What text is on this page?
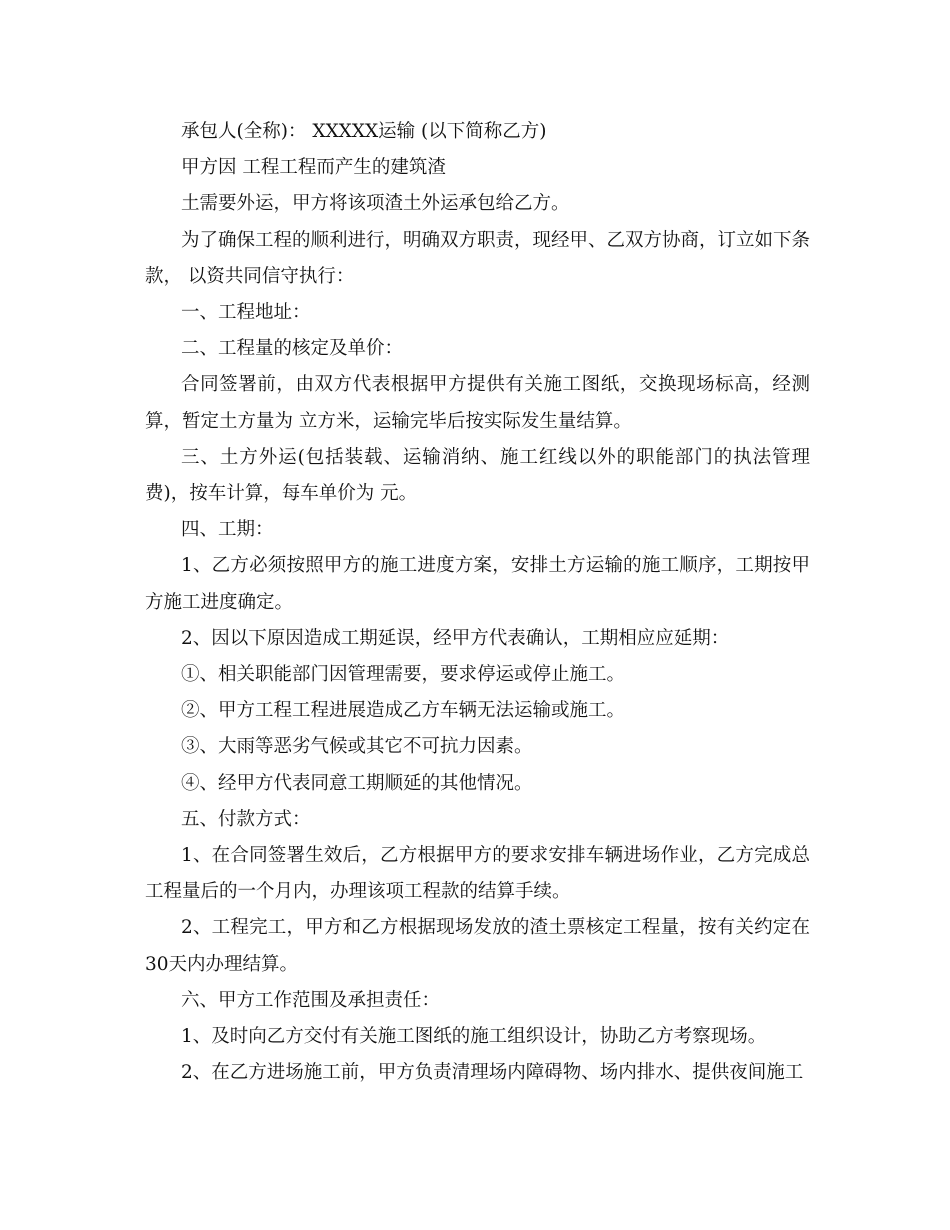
承包人(全称)： XXXXX运输 (以下简称乙方)

甲方因 工程工程而产生的建筑渣

土需要外运，甲方将该项渣土外运承包给乙方。

为了确保工程的顺利进行，明确双方职责，现经甲、乙双方协商，订立如下条款， 以资共同信守执行：

一、工程地址：

二、工程量的核定及单价：

合同签署前，由双方代表根据甲方提供有关施工图纸，交换现场标高，经测算，暂定土方量为 立方米，运输完毕后按实际发生量结算。

三、土方外运(包括装载、运输消纳、施工红线以外的职能部门的执法管理费)，按车计算，每车单价为 元。

四、工期：

1、乙方必须按照甲方的施工进度方案，安排土方运输的施工顺序，工期按甲方施工进度确定。

2、因以下原因造成工期延误，经甲方代表确认，工期相应应延期：

①、相关职能部门因管理需要，要求停运或停止施工。

②、甲方工程工程进展造成乙方车辆无法运输或施工。

③、大雨等恶劣气候或其它不可抗力因素。

④、经甲方代表同意工期顺延的其他情况。

五、付款方式：

1、在合同签署生效后，乙方根据甲方的要求安排车辆进场作业，乙方完成总工程量后的一个月内，办理该项工程款的结算手续。

2、工程完工，甲方和乙方根据现场发放的渣土票核定工程量，按有关约定在30天内办理结算。

六、甲方工作范围及承担责任：

1、及时向乙方交付有关施工图纸的施工组织设计，协助乙方考察现场。

2、在乙方进场施工前，甲方负责清理场内障碍物、场内排水、提供夜间施工
